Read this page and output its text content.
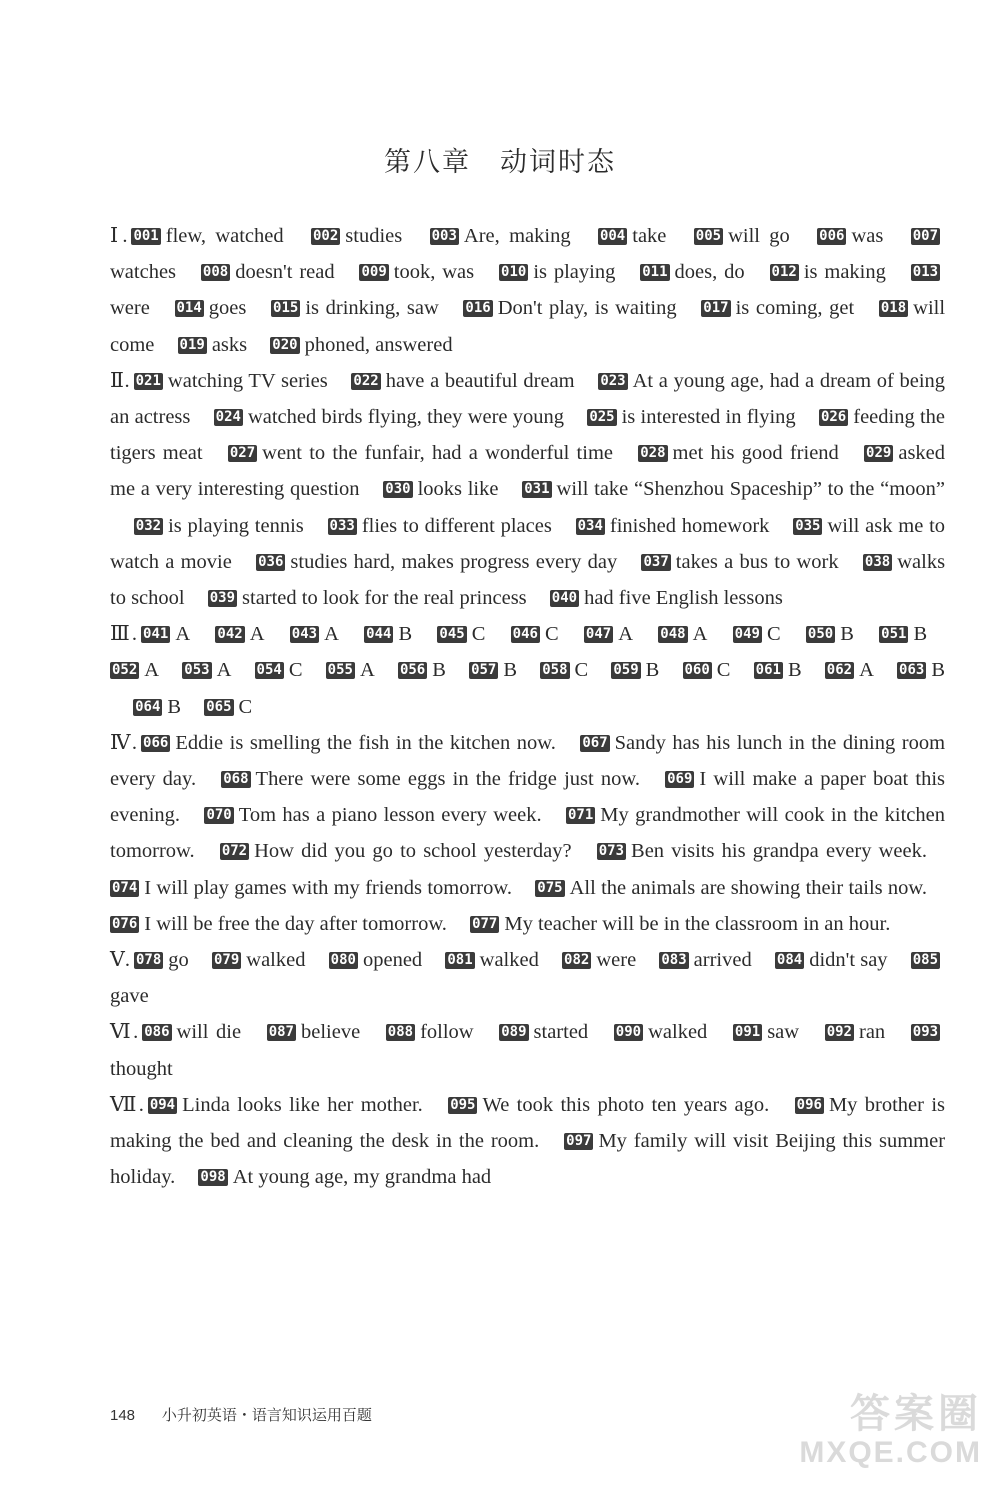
第八章　动词时态
Ⅰ. 001 flew, watched 002 studies 003 Are, making 004 take 005 will go 006 was 007watches 008 doesn't read 009 took, was 010 is playing 011 does, do 012 is making 013were 014 goes 015 is drinking, saw 016 Don't play, is waiting 017 is coming, get 018 will come 019 asks 020 phoned, answered
Ⅱ. 021 watching TV series 022 have a beautiful dream 023 At a young age, had a dream of being an actress 024 watched birds flying, they were young 025 is interested in flying 026 feeding the tigers meat 027 went to the funfair, had a wonderful time 028 met his good friend 029 asked me a very interesting question 030 looks like 031 will take “Shenzhou Spaceship” to the “moon” 032 is playing tennis 033 flies to different places 034 finished homework 035 will ask me to watch a movie 036 studies hard, makes progress every day 037 takes a bus to work 038 walks to school 039 started to look for the real princess 040 had five English lessons
Ⅲ. 041 A 042 A 043 A 044 B 045 C 046 C 047 A 048 A 049 C 050 B 051 B 052 A 053 A 054 C 055 A 056 B 057 B 058 C 059 B 060 C 061 B 062 A 063 B 064 B 065 C
Ⅳ. 066 Eddie is smelling the fish in the kitchen now. 067 Sandy has his lunch in the dining room every day. 068 There were some eggs in the fridge just now. 069 I will make a paper boat this evening. 070 Tom has a piano lesson every week. 071 My grandmother will cook in the kitchen tomorrow. 072 How did you go to school yesterday? 073 Ben visits his grandpa every week. 074 I will play games with my friends tomorrow. 075 All the animals are showing their tails now. 076 I will be free the day after tomorrow. 077 My teacher will be in the classroom in an hour.
Ⅴ. 078 go 079 walked 080 opened 081 walked 082 were 083 arrived 084 didn't say 085gave
Ⅵ. 086 will die 087 believe 088 follow 089 started 090 walked 091 saw 092 ran 093thought
Ⅶ. 094 Linda looks like her mother. 095 We took this photo ten years ago. 096 My brother is making the bed and cleaning the desk in the room. 097 My family will visit Beijing this summer holiday. 098 At young age, my grandma had
148 小升初英语・语言知识运用百题	答案圈
MXQE.COM
